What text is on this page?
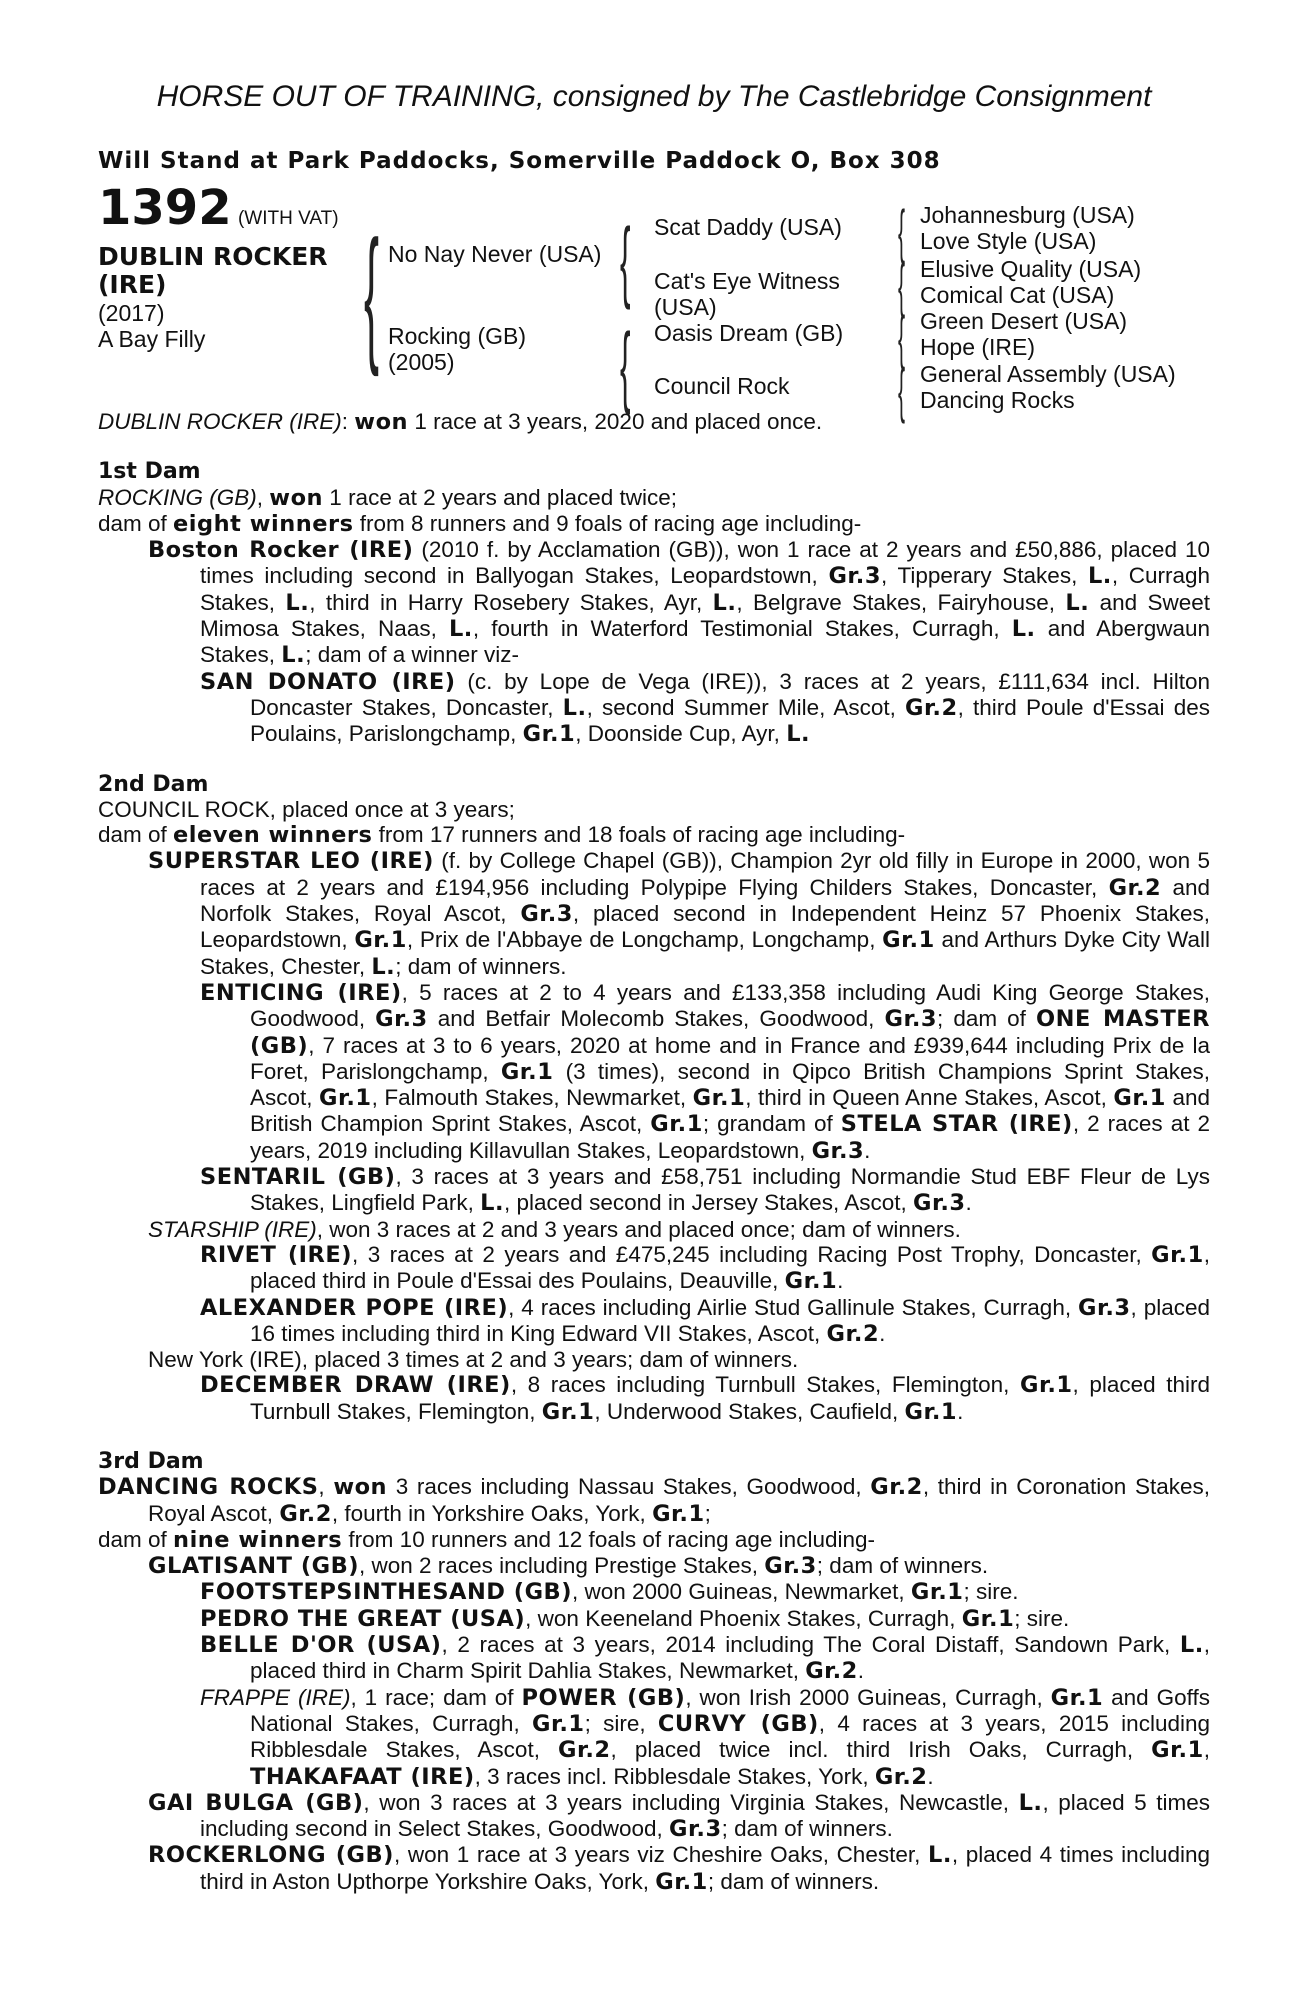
HORSE OUT OF TRAINING, consigned by The Castlebridge Consignment
Will Stand at Park Paddocks, Somerville Paddock O, Box 308
1392 (WITH VAT)
DUBLIN ROCKER
(IRE)
(2017)
A Bay Filly { No Nay Never (USA)
Rocking (GB)
(2005)
{ Scat Daddy (USA)
Cat's Eye Witness
(USA)
{ Oasis Dream (GB)
Council Rock
{ Johannesburg (USA)
Love Style (USA)
{ Elusive Quality (USA)
Comical Cat (USA)
{ Green Desert (USA)
Hope (IRE)
{ General Assembly (USA)
Dancing Rocks

DUBLIN ROCKER (IRE): won 1 race at 3 years, 2020 and placed once.

1st Dam

ROCKING (GB), won 1 race at 2 years and placed twice;

dam of eight winners from 8 runners and 9 foals of racing age including-

Boston Rocker (IRE) (2010 f. by Acclamation (GB)), won 1 race at 2 years and £50,886, placed 10 times including second in Ballyogan Stakes, Leopardstown, Gr.3, Tipperary Stakes, L., Curragh Stakes, L., third in Harry Rosebery Stakes, Ayr, L., Belgrave Stakes, Fairyhouse, L. and Sweet Mimosa Stakes, Naas, L., fourth in Waterford Testimonial Stakes, Curragh, L. and Abergwaun Stakes, L.; dam of a winner viz-

SAN DONATO (IRE) (c. by Lope de Vega (IRE)), 3 races at 2 years, £111,634 incl. Hilton Doncaster Stakes, Doncaster, L., second Summer Mile, Ascot, Gr.2, third Poule d'Essai des Poulains, Parislongchamp, Gr.1, Doonside Cup, Ayr, L.

2nd Dam

COUNCIL ROCK, placed once at 3 years;

dam of eleven winners from 17 runners and 18 foals of racing age including-

SUPERSTAR LEO (IRE) (f. by College Chapel (GB)), Champion 2yr old filly in Europe in 2000, won 5 races at 2 years and £194,956 including Polypipe Flying Childers Stakes, Doncaster, Gr.2 and Norfolk Stakes, Royal Ascot, Gr.3, placed second in Independent Heinz 57 Phoenix Stakes, Leopardstown, Gr.1, Prix de l'Abbaye de Longchamp, Longchamp, Gr.1 and Arthurs Dyke City Wall Stakes, Chester, L.; dam of winners.

ENTICING (IRE), 5 races at 2 to 4 years and £133,358 including Audi King George Stakes, Goodwood, Gr.3 and Betfair Molecomb Stakes, Goodwood, Gr.3; dam of ONE MASTER (GB), 7 races at 3 to 6 years, 2020 at home and in France and £939,644 including Prix de la Foret, Parislongchamp, Gr.1 (3 times), second in Qipco British Champions Sprint Stakes, Ascot, Gr.1, Falmouth Stakes, Newmarket, Gr.1, third in Queen Anne Stakes, Ascot, Gr.1 and British Champion Sprint Stakes, Ascot, Gr.1; grandam of STELA STAR (IRE), 2 races at 2 years, 2019 including Killavullan Stakes, Leopardstown, Gr.3.

SENTARIL (GB), 3 races at 3 years and £58,751 including Normandie Stud EBF Fleur de Lys Stakes, Lingfield Park, L., placed second in Jersey Stakes, Ascot, Gr.3.

STARSHIP (IRE), won 3 races at 2 and 3 years and placed once; dam of winners.

RIVET (IRE), 3 races at 2 years and £475,245 including Racing Post Trophy, Doncaster, Gr.1, placed third in Poule d'Essai des Poulains, Deauville, Gr.1.

ALEXANDER POPE (IRE), 4 races including Airlie Stud Gallinule Stakes, Curragh, Gr.3, placed 16 times including third in King Edward VII Stakes, Ascot, Gr.2.

New York (IRE), placed 3 times at 2 and 3 years; dam of winners.

DECEMBER DRAW (IRE), 8 races including Turnbull Stakes, Flemington, Gr.1, placed third Turnbull Stakes, Flemington, Gr.1, Underwood Stakes, Caufield, Gr.1.

3rd Dam

DANCING ROCKS, won 3 races including Nassau Stakes, Goodwood, Gr.2, third in Coronation Stakes, Royal Ascot, Gr.2, fourth in Yorkshire Oaks, York, Gr.1;

dam of nine winners from 10 runners and 12 foals of racing age including-

GLATISANT (GB), won 2 races including Prestige Stakes, Gr.3; dam of winners.

FOOTSTEPSINTHESAND (GB), won 2000 Guineas, Newmarket, Gr.1; sire.

PEDRO THE GREAT (USA), won Keeneland Phoenix Stakes, Curragh, Gr.1; sire.

BELLE D'OR (USA), 2 races at 3 years, 2014 including The Coral Distaff, Sandown Park, L., placed third in Charm Spirit Dahlia Stakes, Newmarket, Gr.2.

FRAPPE (IRE), 1 race; dam of POWER (GB), won Irish 2000 Guineas, Curragh, Gr.1 and Goffs National Stakes, Curragh, Gr.1; sire, CURVY (GB), 4 races at 3 years, 2015 including Ribblesdale Stakes, Ascot, Gr.2, placed twice incl. third Irish Oaks, Curragh, Gr.1, THAKAFAAT (IRE), 3 races incl. Ribblesdale Stakes, York, Gr.2.

GAI BULGA (GB), won 3 races at 3 years including Virginia Stakes, Newcastle, L., placed 5 times including second in Select Stakes, Goodwood, Gr.3; dam of winners.

ROCKERLONG (GB), won 1 race at 3 years viz Cheshire Oaks, Chester, L., placed 4 times including third in Aston Upthorpe Yorkshire Oaks, York, Gr.1; dam of winners.
